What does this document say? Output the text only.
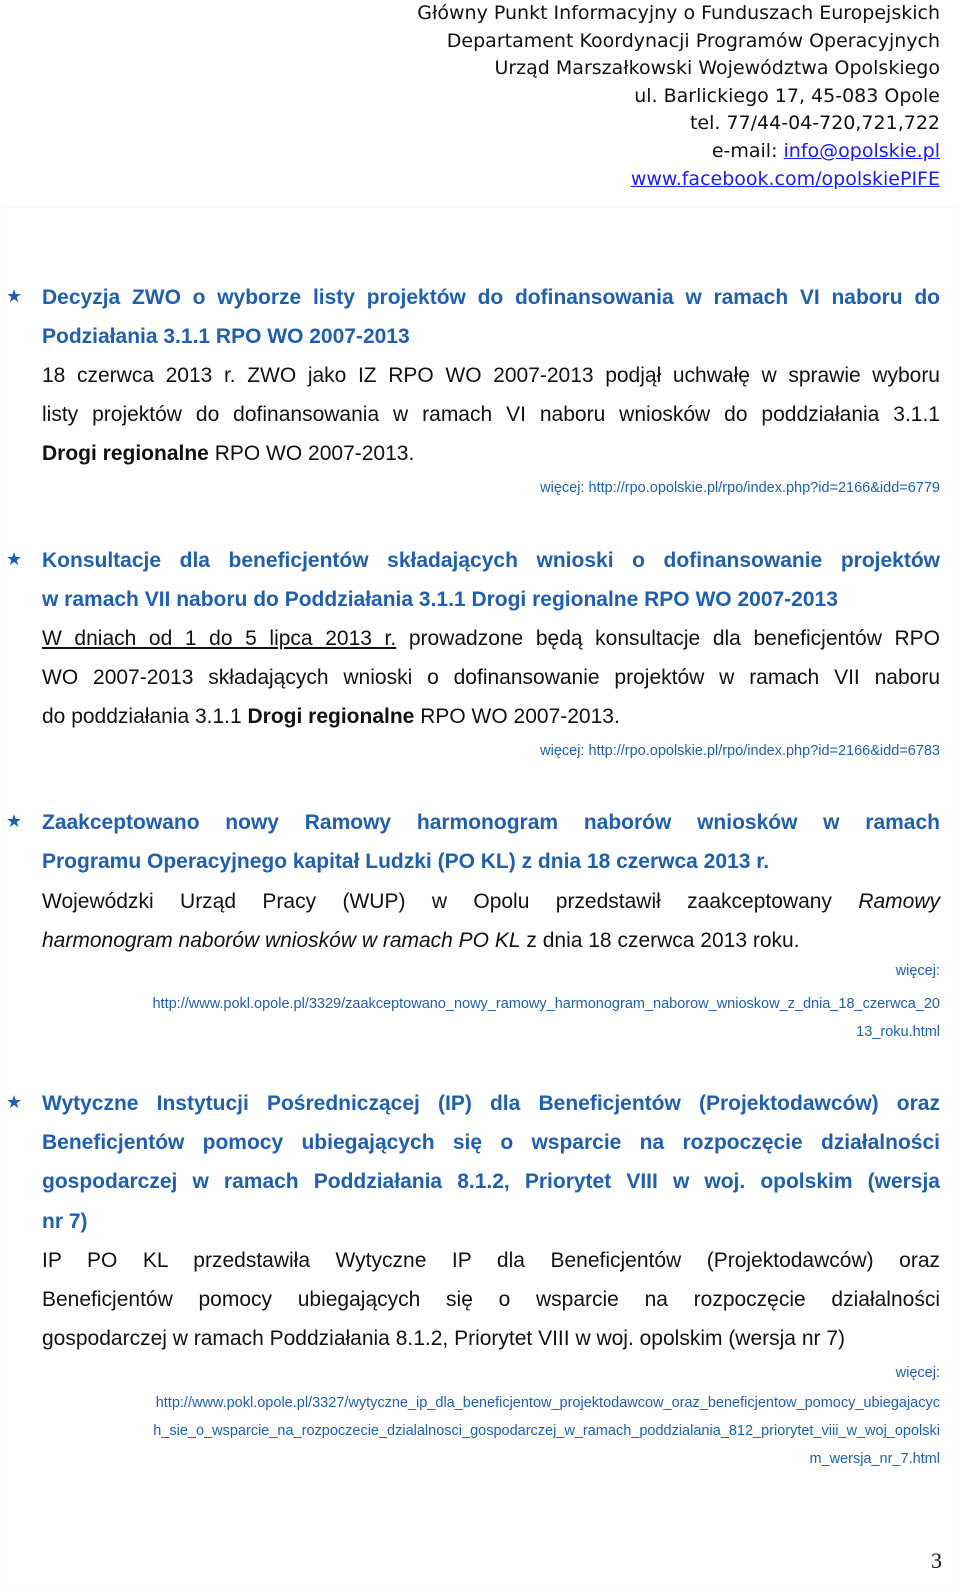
Główny Punkt Informacyjny o Funduszach Europejskich
Departament Koordynacji Programów Operacyjnych
Urząd Marszałkowski Województwa Opolskiego
ul. Barlickiego 17, 45-083 Opole
tel. 77/44-04-720,721,722
e-mail: info@opolskie.pl
www.facebook.com/opolskiePIFE
★ Decyzja ZWO o wyborze listy projektów do dofinansowania w ramach VI naboru do
Podziałania 3.1.1 RPO WO 2007-2013
18 czerwca 2013 r. ZWO jako IZ RPO WO 2007-2013 podjął uchwałę w sprawie wyboru
listy projektów do dofinansowania w ramach VI naboru wniosków do poddziałania 3.1.1
Drogi regionalne RPO WO 2007-2013.
więcej: http://rpo.opolskie.pl/rpo/index.php?id=2166&idd=6779
★ Konsultacje dla beneficjentów składających wnioski o dofinansowanie projektów
w ramach VII naboru do Poddziałania 3.1.1 Drogi regionalne RPO WO 2007-2013
W dniach od 1 do 5 lipca 2013 r. prowadzone będą konsultacje dla beneficjentów RPO
WO 2007-2013 składających wnioski o dofinansowanie projektów w ramach VII naboru
do poddziałania 3.1.1 Drogi regionalne RPO WO 2007-2013.
więcej: http://rpo.opolskie.pl/rpo/index.php?id=2166&idd=6783
★ Zaakceptowano nowy Ramowy harmonogram naborów wniosków w ramach
Programu Operacyjnego kapitał Ludzki (PO KL) z dnia 18 czerwca 2013 r.
Wojewódzki Urząd Pracy (WUP) w Opolu przedstawił zaakceptowany Ramowy
harmonogram naborów wniosków w ramach PO KL z dnia 18 czerwca 2013 roku.
więcej:
http://www.pokl.opole.pl/3329/zaakceptowano_nowy_ramowy_harmonogram_naborow_wnioskow_z_dnia_18_czerwca_20
13_roku.html
★ Wytyczne Instytucji Pośredniczącej (IP) dla Beneficjentów (Projektodawców) oraz
Beneficjentów pomocy ubiegających się o wsparcie na rozpoczęcie działalności
gospodarczej w ramach Poddziałania 8.1.2, Priorytet VIII w woj. opolskim (wersja
nr 7)
IP PO KL przedstawiła Wytyczne IP dla Beneficjentów (Projektodawców) oraz
Beneficjentów pomocy ubiegających się o wsparcie na rozpoczęcie działalności
gospodarczej w ramach Poddziałania 8.1.2, Priorytet VIII w woj. opolskim (wersja nr 7)
więcej:
http://www.pokl.opole.pl/3327/wytyczne_ip_dla_beneficjentow_projektodawcow_oraz_beneficjentow_pomocy_ubiegajacyc
h_sie_o_wsparcie_na_rozpoczecie_dzialalnosci_gospodarczej_w_ramach_poddzialania_812_priorytet_viii_w_woj_opolski
m_wersja_nr_7.html
3
